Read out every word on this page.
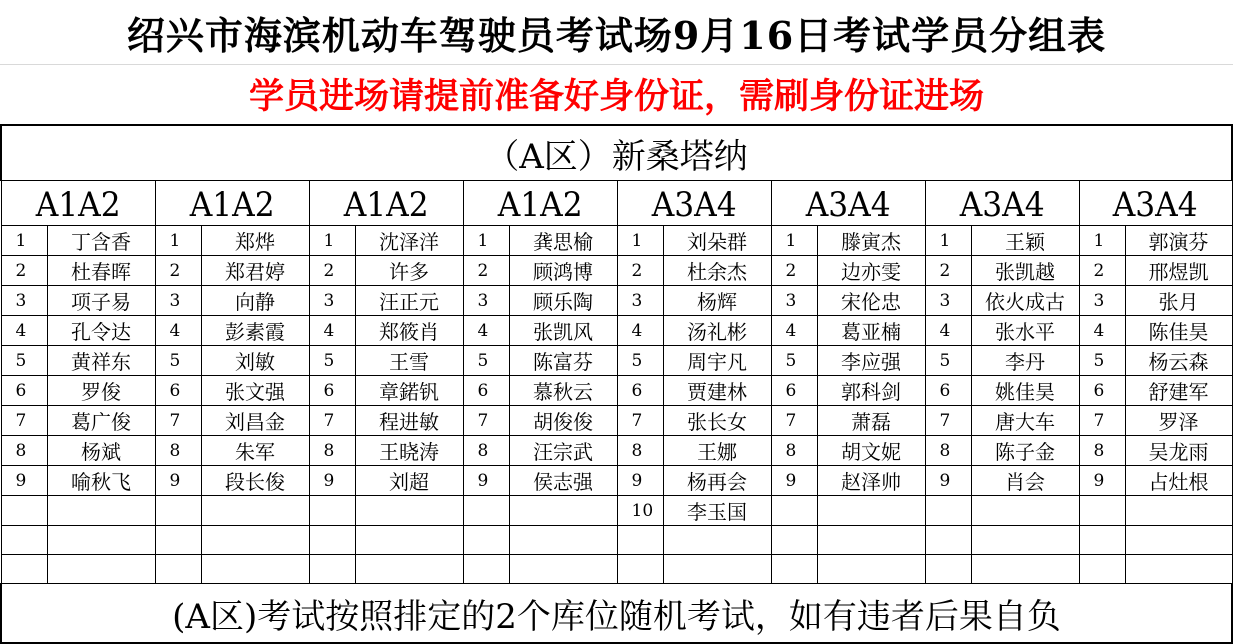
绍兴市海滨机动车驾驶员考试场9月16日考试学员分组表
学员进场请提前准备好身份证，需刷身份证进场
（A区）新桑塔纳															
A1A2		A1A2		A1A2		A1A2		A3A4		A3A4		A3A4		A3A4	
1	丁含香	1	郑烨	1	沈泽洋	1	龚思榆	1	刘朵群	1	滕寅杰	1	王颖	1	郭演芬
2	杜春晖	2	郑君婷	2	许多	2	顾鸿博	2	杜余杰	2	边亦雯	2	张凯越	2	邢煜凯
3	项子易	3	向静	3	汪正元	3	顾乐陶	3	杨辉	3	宋伦忠	3	依火成古	3	张月
4	孔令达	4	彭素霞	4	郑筱肖	4	张凯风	4	汤礼彬	4	葛亚楠	4	张水平	4	陈佳昊
5	黄祥东	5	刘敏	5	王雪	5	陈富芬	5	周宇凡	5	李应强	5	李丹	5	杨云森
6	罗俊	6	张文强	6	章鍩钒	6	慕秋云	6	贾建林	6	郭科剑	6	姚佳昊	6	舒建军
7	葛广俊	7	刘昌金	7	程进敏	7	胡俊俊	7	张长女	7	萧磊	7	唐大车	7	罗泽
8	杨斌	8	朱军	8	王晓涛	8	汪宗武	8	王娜	8	胡文妮	8	陈子金	8	吴龙雨
9	喻秋飞	9	段长俊	9	刘超	9	侯志强	9	杨再会	9	赵泽帅	9	肖会	9	占灶根
								10	李玉国						

(A区)考试按照排定的2个库位随机考试，如有违者后果自负															
